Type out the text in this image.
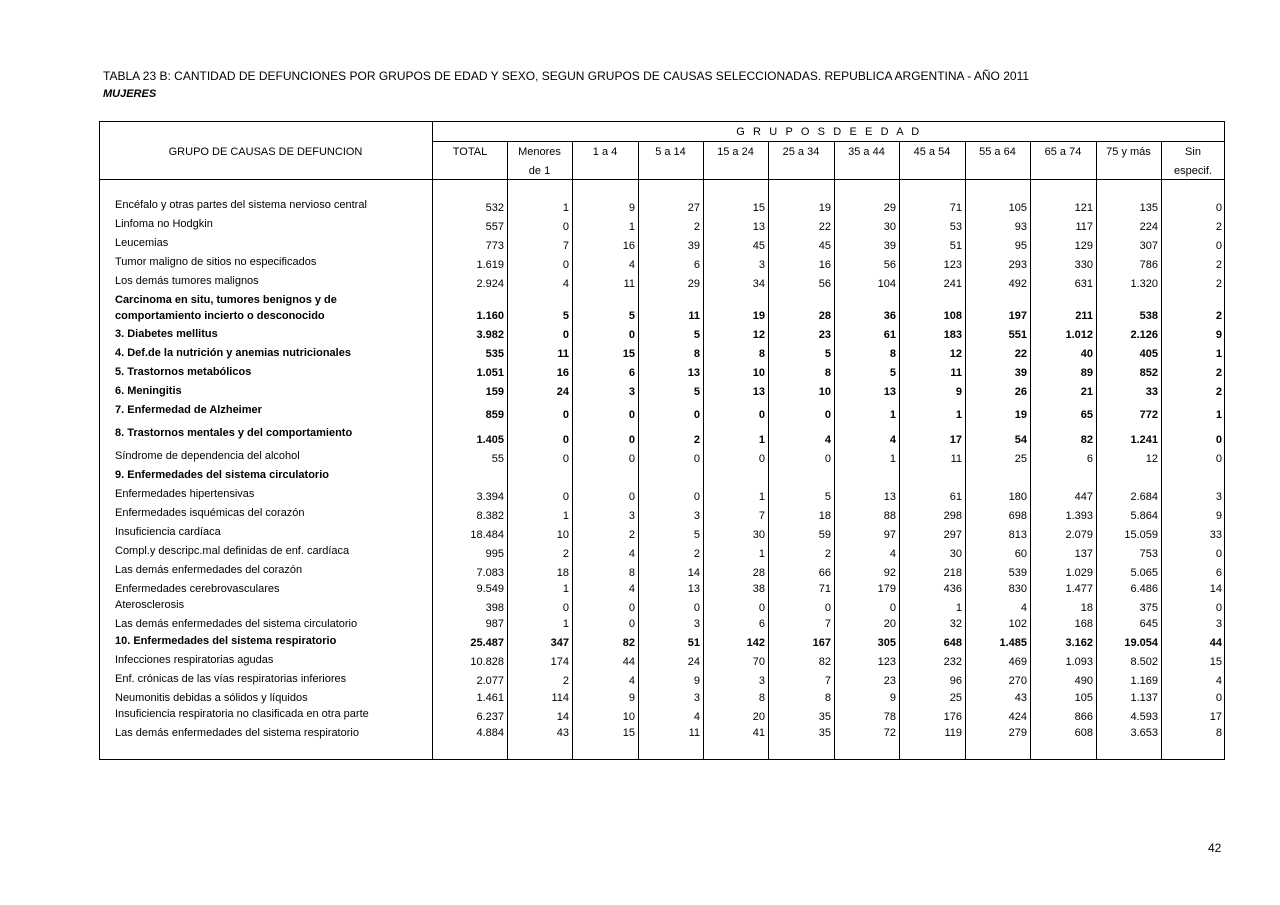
TABLA 23 B: CANTIDAD DE DEFUNCIONES POR GRUPOS DE EDAD Y SEXO, SEGUN GRUPOS DE CAUSAS SELECCIONADAS. REPUBLICA ARGENTINA - AÑO 2011
MUJERES
GRUPO DE CAUSAS DE DEFUNCION
G R U P O S D E E D A D
TOTAL	Menores
de 1
1 a 4	5 a 14	15 a 24	25 a 34	35 a 44	45 a 54	55 a 64	65 a 74	75 y más	Sin
especif.
Encéfalo y otras partes del sistema nervioso central	532	1	9	27	15	19	29	71	105	121	135	0
Linfoma no Hodgkin	557	0	1	2	13	22	30	53	93	117	224	2
Leucemias	773	7	16	39	45	45	39	51	95	129	307	0
Tumor maligno de sitios no especificados	1.619	0	4	6	3	16	56	123	293	330	786	2
Los demás tumores malignos	2.924	4	11	29	34	56	104	241	492	631	1.320	2
Carcinoma en situ, tumores benignos y de
comportamiento incierto o desconocido	1.160	5	5	11	19	28	36	108	197	211	538	2
3. Diabetes mellitus	3.982	0	0	5	12	23	61	183	551	1.012	2.126	9
4. Def.de la nutrición y anemias nutricionales	535	11	15	8	8	5	8	12	22	40	405	1
5. Trastornos metabólicos	1.051	16	6	13	10	8	5	11	39	89	852	2
6. Meningitis	159	24	3	5	13	10	13	9	26	21	33	2
7. Enfermedad de Alzheimer	859	0	0	0	0	0	1	1	19	65	772	1
8. Trastornos mentales y del comportamiento
1.405	0	0	2	1	4	4	17	54	82	1.241	0
Síndrome de dependencia del alcohol	55	0	0	0	0	0	1	11	25	6	12	0
9. Enfermedades del sistema circulatorio
Enfermedades hipertensivas	3.394	0	0	0	1	5	13	61	180	447	2.684	3
Enfermedades isquémicas del corazón	8.382	1	3	3	7	18	88	298	698	1.393	5.864	9
Insuficiencia cardíaca	18.484	10	2	5	30	59	97	297	813	2.079	15.059	33
Compl.y descripc.mal definidas de enf. cardíaca	995	2	4	2	1	2	4	30	60	137	753	0
Las demás enfermedades del corazón	7.083	18	8	14	28	66	92	218	539	1.029	5.065	6
Enfermedades cerebrovasculares	9.549	1	4	13	38	71	179	436	830	1.477	6.486	14
Aterosclerosis	398	0	0	0	0	0	0	1	4	18	375	0
Las demás enfermedades del sistema circulatorio	987	1	0	3	6	7	20	32	102	168	645	3
10. Enfermedades del sistema respiratorio	25.487	347	82	51	142	167	305	648	1.485	3.162	19.054	44
Infecciones respiratorias agudas	10.828	174	44	24	70	82	123	232	469	1.093	8.502	15
Enf. crónicas de las vías respiratorias inferiores	2.077	2	4	9	3	7	23	96	270	490	1.169	4
Neumonitis debidas a sólidos y líquidos	1.461	114	9	3	8	8	9	25	43	105	1.137	0
Insuficiencia respiratoria no clasificada en otra parte	6.237	14	10	4	20	35	78	176	424	866	4.593	17
Las demás enfermedades del sistema respiratorio	4.884	43	15	11	41	35	72	119	279	608	3.653	8
42
